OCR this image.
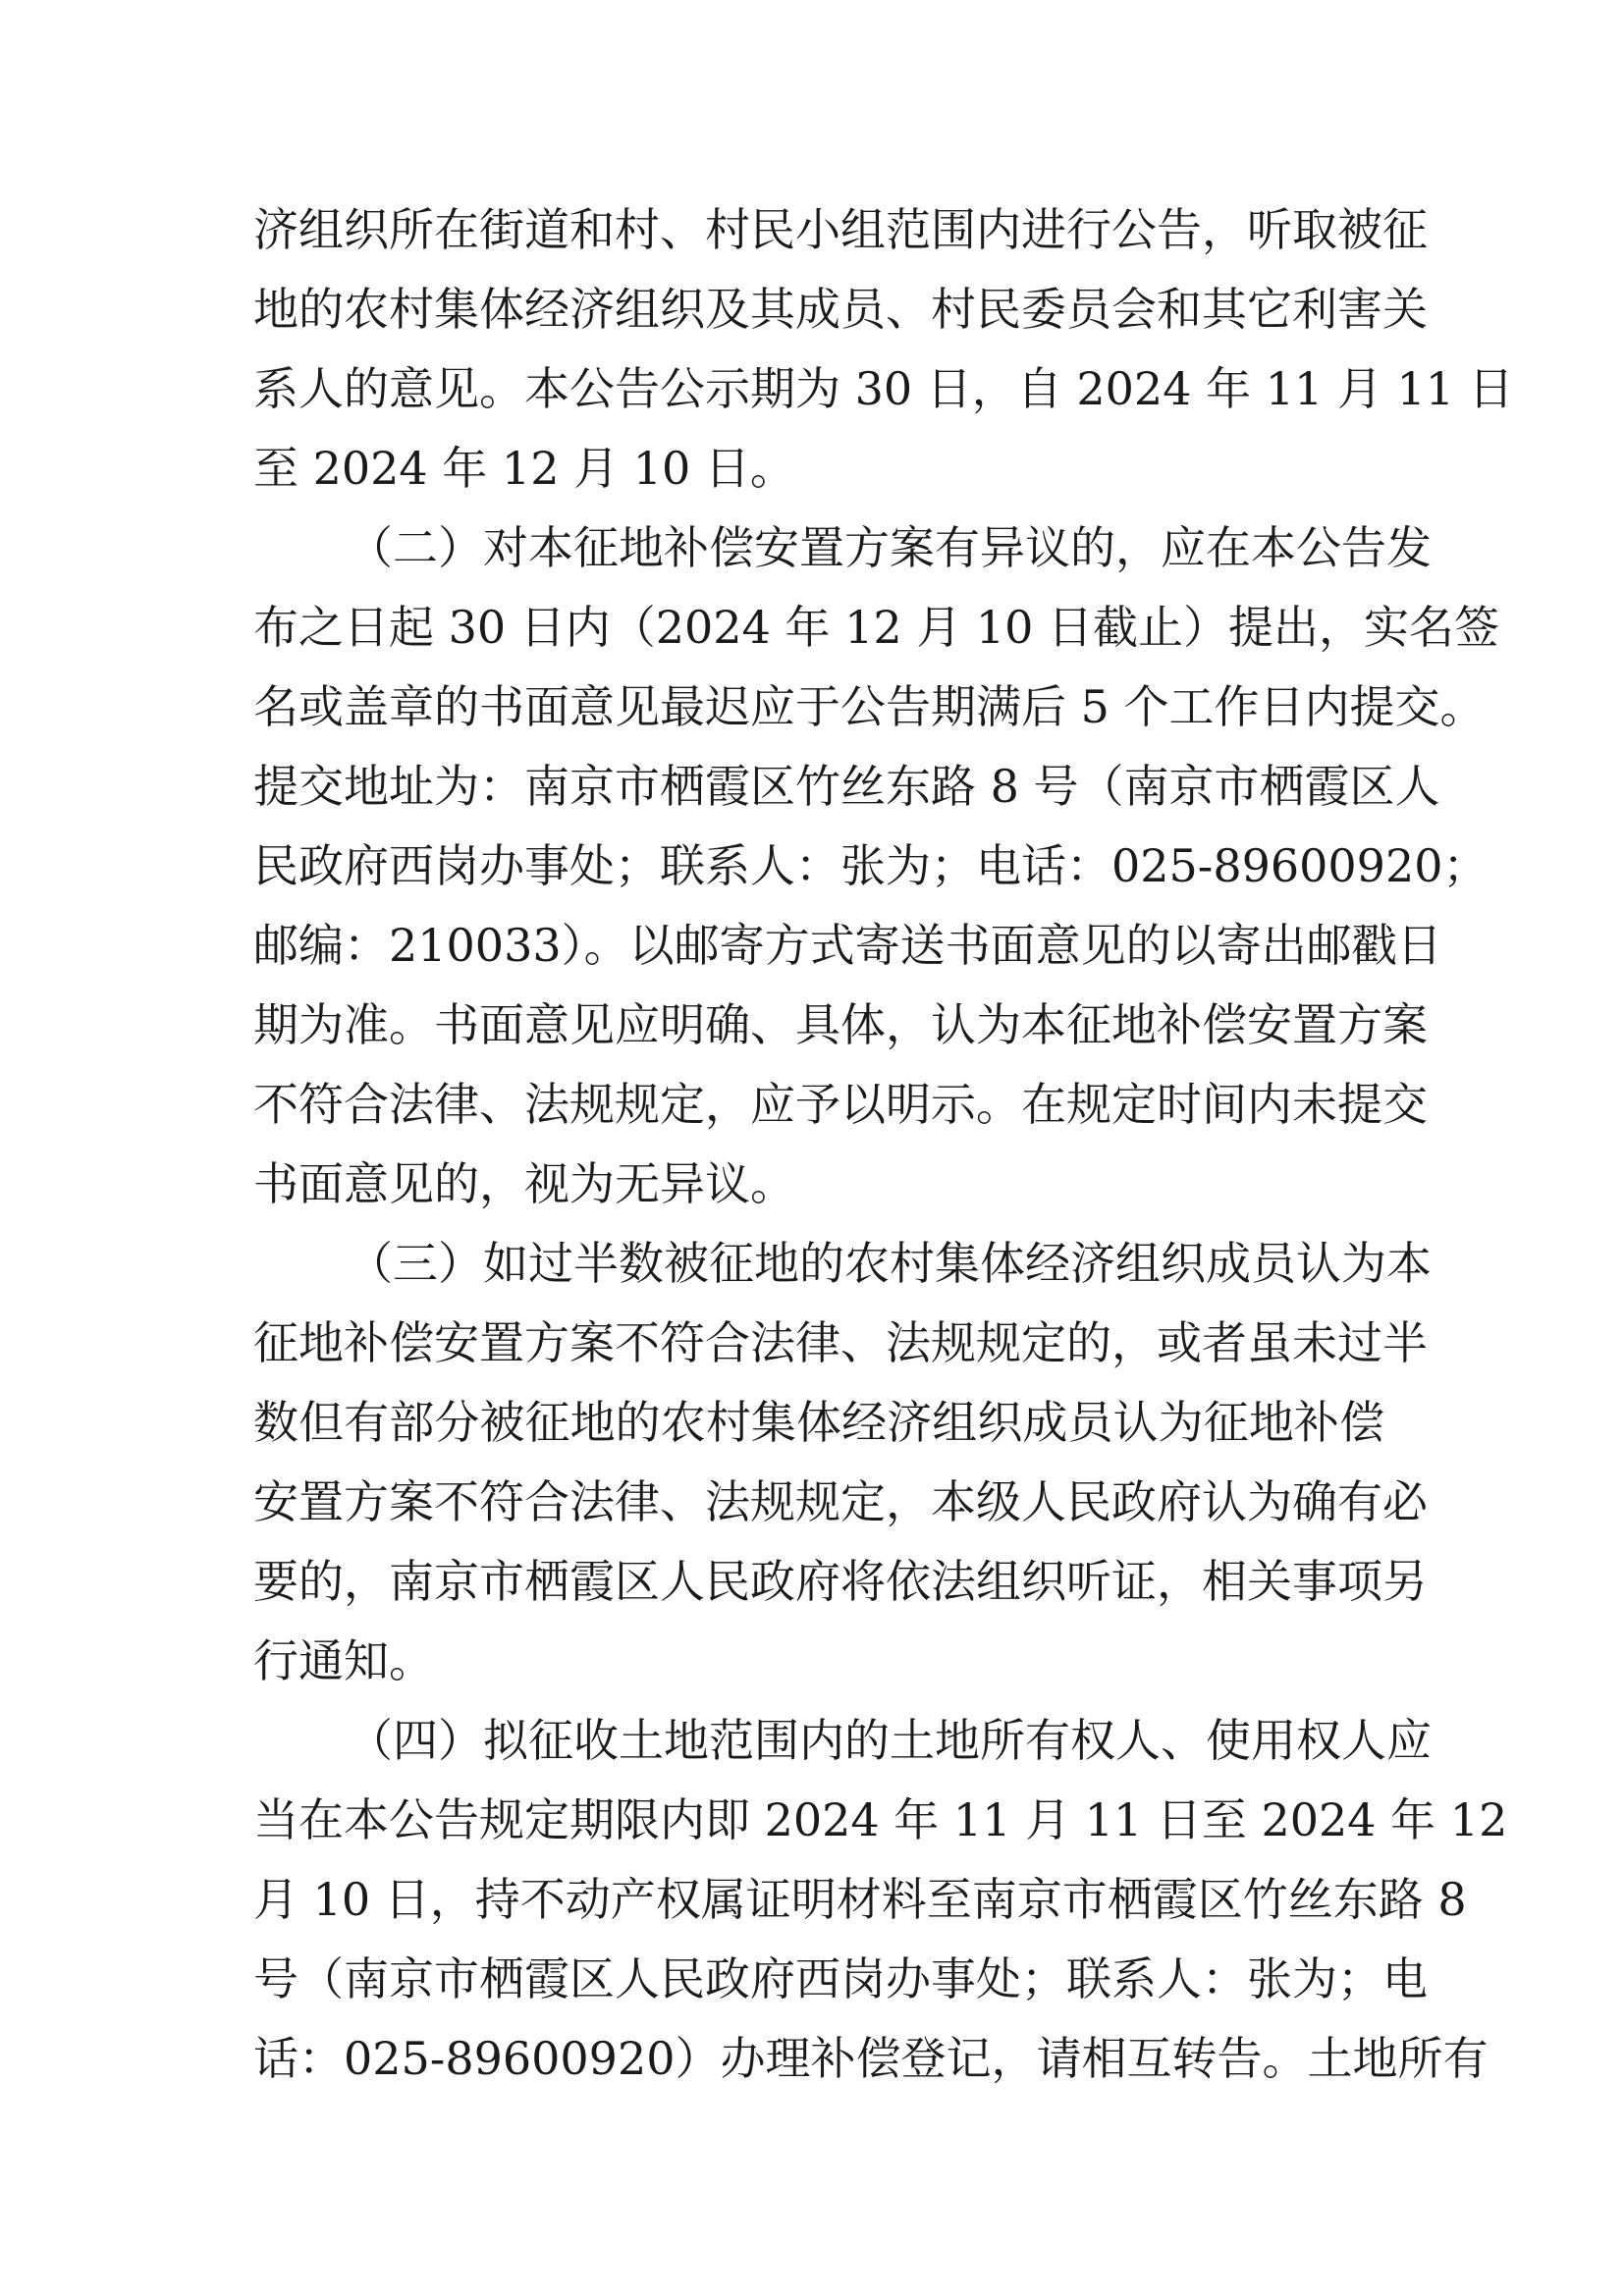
济组织所在街道和村、村民小组范围内进行公告，听取被征
地的农村集体经济组织及其成员、村民委员会和其它利害关
系人的意见。本公告公示期为 30 日，自 2024 年 11 月 11 日
至 2024 年 12 月 10 日。
（二）对本征地补偿安置方案有异议的，应在本公告发
布之日起 30 日内（2024 年 12 月 10 日截止）提出，实名签
名或盖章的书面意见最迟应于公告期满后 5 个工作日内提交。
提交地址为：南京市栖霞区竹丝东路 8 号（南京市栖霞区人
民政府西岗办事处；联系人：张为；电话：025-89600920；
邮编：210033）。以邮寄方式寄送书面意见的以寄出邮戳日
期为准。书面意见应明确、具体，认为本征地补偿安置方案
不符合法律、法规规定，应予以明示。在规定时间内未提交
书面意见的，视为无异议。
（三）如过半数被征地的农村集体经济组织成员认为本
征地补偿安置方案不符合法律、法规规定的，或者虽未过半
数但有部分被征地的农村集体经济组织成员认为征地补偿
安置方案不符合法律、法规规定，本级人民政府认为确有必
要的，南京市栖霞区人民政府将依法组织听证，相关事项另
行通知。
（四）拟征收土地范围内的土地所有权人、使用权人应
当在本公告规定期限内即 2024 年 11 月 11 日至 2024 年 12
月 10 日，持不动产权属证明材料至南京市栖霞区竹丝东路 8
号（南京市栖霞区人民政府西岗办事处；联系人：张为；电
话：025-89600920）办理补偿登记，请相互转告。土地所有
